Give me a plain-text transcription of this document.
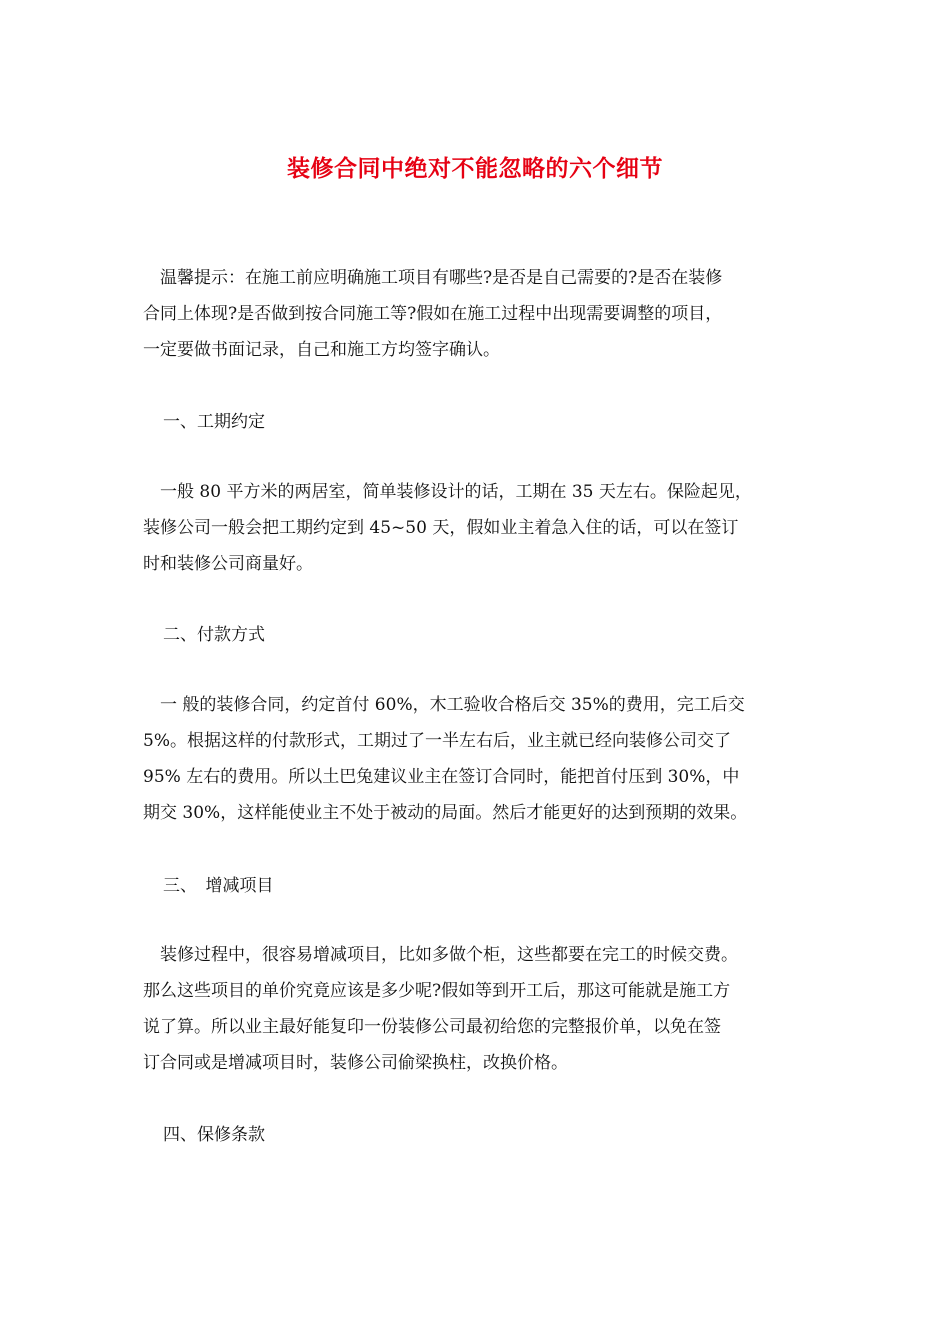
装修合同中绝对不能忽略的六个细节
　温馨提示：在施工前应明确施工项目有哪些?是否是自己需要的?是否在装修
合同上体现?是否做到按合同施工等?假如在施工过程中出现需要调整的项目，
一定要做书面记录，自己和施工方均签字确认。
一、工期约定
　一般 80 平方米的两居室，简单装修设计的话，工期在 35 天左右。保险起见，
装修公司一般会把工期约定到 45~50 天，假如业主着急入住的话，可以在签订
时和装修公司商量好。
二、付款方式
　一 般的装修合同，约定首付 60%，木工验收合格后交 35%的费用，完工后交
5%。根据这样的付款形式，工期过了一半左右后，业主就已经向装修公司交了
95% 左右的费用。所以土巴兔建议业主在签订合同时，能把首付压到 30%，中
期交 30%，这样能使业主不处于被动的局面。然后才能更好的达到预期的效果。
三、　增减项目
　装修过程中，很容易增减项目，比如多做个柜，这些都要在完工的时候交费。
那么这些项目的单价究竟应该是多少呢?假如等到开工后，那这可能就是施工方
说了算。所以业主最好能复印一份装修公司最初给您的完整报价单，以免在签
订合同或是增减项目时，装修公司偷梁换柱，改换价格。
四、保修条款
